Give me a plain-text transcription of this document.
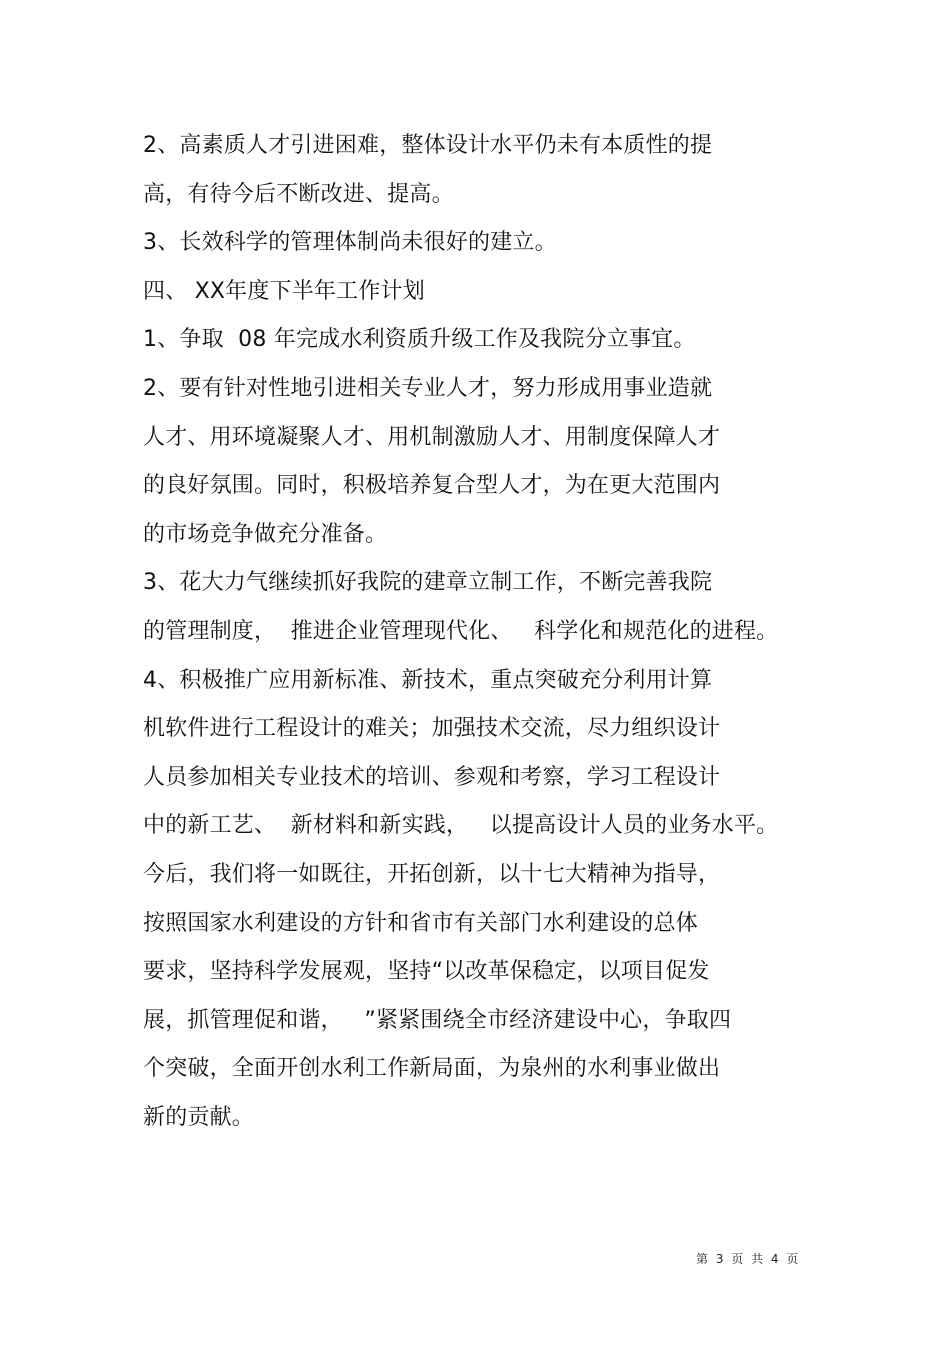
2、高素质人才引进困难，整体设计水平仍未有本质性的提
高，有待今后不断改进、提高。
3、长效科学的管理体制尚未很好的建立。
四、 XX年度下半年工作计划
1、争取  08 年完成水利资质升级工作及我院分立事宜。
2、要有针对性地引进相关专业人才，努力形成用事业造就
人才、用环境凝聚人才、用机制激励人才、用制度保障人才
的良好氛围。同时，积极培养复合型人才，为在更大范围内
的市场竞争做充分准备。
3、花大力气继续抓好我院的建章立制工作，不断完善我院
的管理制度，  推进企业管理现代化、   科学化和规范化的进程。
4、积极推广应用新标准、新技术，重点突破充分利用计算
机软件进行工程设计的难关；加强技术交流，尽力组织设计
人员参加相关专业技术的培训、参观和考察，学习工程设计
中的新工艺、  新材料和新实践，   以提高设计人员的业务水平。
今后，我们将一如既往，开拓创新，以十七大精神为指导，
按照国家水利建设的方针和省市有关部门水利建设的总体
要求，坚持科学发展观，坚持“以改革保稳定，以项目促发
展，抓管理促和谐，   ”紧紧围绕全市经济建设中心，争取四
个突破，全面开创水利工作新局面，为泉州的水利事业做出
新的贡献。
第 3 页 共 4 页
